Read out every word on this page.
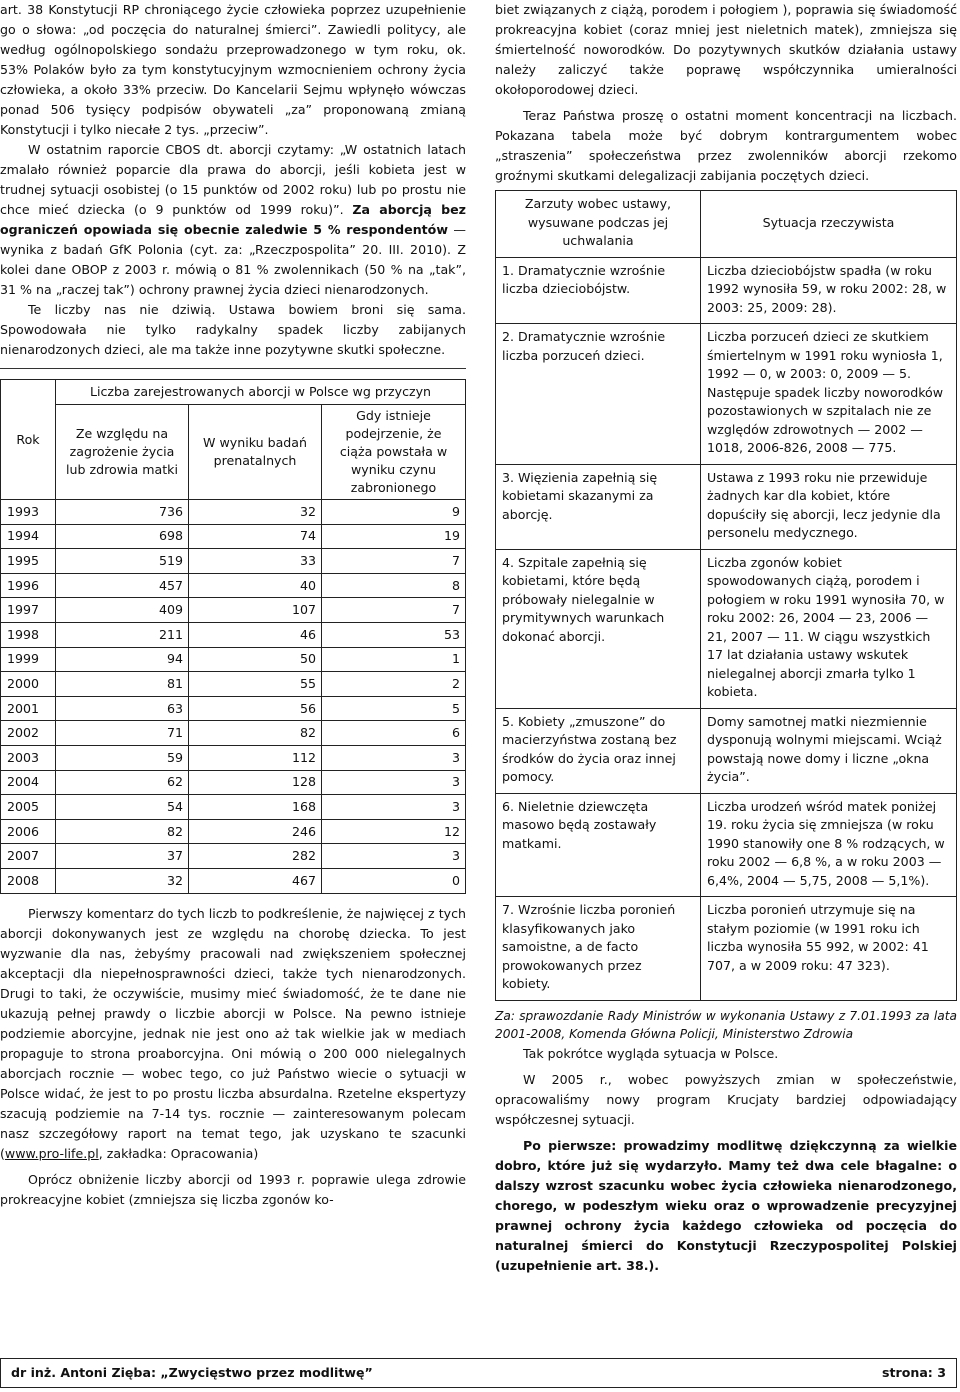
art. 38 Konstytucji RP chroniącego życie człowieka poprzez uzupełnienie go o słowa: „od poczęcia do naturalnej śmierci”. Zawiedli politycy, ale według ogólnopolskiego sondażu przeprowadzonego w tym roku, ok. 53% Polaków było za tym konstytucyjnym wzmocnieniem ochrony życia człowieka, a około 33% przeciw. Do Kancelarii Sejmu wpłynęło wówczas ponad 506 tysięcy podpisów obywateli „za” proponowaną zmianą Konstytucji i tylko niecałe 2 tys. „przeciw”.

W ostatnim raporcie CBOS dt. aborcji czytamy: „W ostatnich latach zmalało również poparcie dla prawa do aborcji, jeśli kobieta jest w trudnej sytuacji osobistej (o 15 punktów od 2002 roku) lub po prostu nie chce mieć dziecka (o 9 punktów od 1999 roku)”. Za aborcją bez ograniczeń opowiada się obecnie zaledwie 5 % respondentów — wynika z badań GfK Polonia (cyt. za: „Rzeczpospolita” 20. III. 2010). Z kolei dane OBOP z 2003 r. mówią o 81 % zwolennikach (50 % na „tak”, 31 % na „raczej tak”) ochrony prawnej życia dzieci nienarodzonych.

Te liczby nas nie dziwią. Ustawa bowiem broni się sama. Spowodowała nie tylko radykalny spadek liczby zabijanych nienarodzonych dzieci, ale ma także inne pozytywne skutki społeczne.

Rok	Liczba zarejestrowanych aborcji w Polsce wg przyczyn		
	Ze względu na zagrożenie życia lub zdrowia matki	W wyniku badań prenatalnych	Gdy istnieje podejrzenie, że ciąża powstała w wyniku czynu zabronionego
1993	736	32	9
1994	698	74	19
1995	519	33	7
1996	457	40	8
1997	409	107	7
1998	211	46	53
1999	94	50	1
2000	81	55	2
2001	63	56	5
2002	71	82	6
2003	59	112	3
2004	62	128	3
2005	54	168	3
2006	82	246	12
2007	37	282	3
2008	32	467	0

Pierwszy komentarz do tych liczb to podkreślenie, że najwięcej z tych aborcji dokonywanych jest ze względu na chorobę dziecka. To jest wyzwanie dla nas, żebyśmy pracowali nad zwiększeniem społecznej akceptacji dla niepełnosprawności dzieci, także tych nienarodzonych. Drugi to taki, że oczywiście, musimy mieć świadomość, że te dane nie ukazują pełnej prawdy o liczbie aborcji w Polsce. Na pewno istnieje podziemie aborcyjne, jednak nie jest ono aż tak wielkie jak w mediach propaguje to strona proaborcyjna. Oni mówią o 200 000 nielegalnych aborcjach rocznie — wobec tego, co już Państwo wiecie o sytuacji w Polsce widać, że jest to po prostu liczba absurdalna. Rzetelne ekspertyzy szacują podziemie na 7-14 tys. rocznie — zainteresowanym polecam nasz szczegółowy raport na temat tego, jak uzyskano te szacunki (www.pro-life.pl, zakładka: Opracowania)

Oprócz obniżenie liczby aborcji od 1993 r. poprawie ulega zdrowie prokreacyjne kobiet (zmniejsza się liczba zgonów ko-

biet związanych z ciążą, porodem i połogiem ), poprawia się świadomość prokreacyjna kobiet (coraz mniej jest nieletnich matek), zmniejsza się śmiertelność noworodków. Do pozytywnych skutków działania ustawy należy zaliczyć także poprawę współczynnika umieralności okołoporodowej dzieci.

Teraz Państwa proszę o ostatni moment koncentracji na liczbach. Pokazana tabela może być dobrym kontrargumentem wobec „straszenia” społeczeństwa przez zwolenników aborcji rzekomo groźnymi skutkami delegalizacji zabijania poczętych dzieci.

Zarzuty wobec ustawy, wysuwane podczas jej uchwalania	Sytuacja rzeczywista
1. Dramatycznie wzrośnie liczba dzieciobójstw.	Liczba dzieciobójstw spadła (w roku 1992 wynosiła 59, w roku 2002: 28, w 2003: 25, 2009: 28).
2. Dramatycznie wzrośnie liczba porzuceń dzieci.	Liczba porzuceń dzieci ze skutkiem śmiertelnym w 1991 roku wyniosła 1, 1992 — 0, w 2003: 0, 2009 — 5. Następuje spadek liczby noworodków pozostawionych w szpitalach nie ze względów zdrowotnych — 2002 — 1018, 2006-826, 2008 — 775.
3. Więzienia zapełnią się kobietami skazanymi za aborcję.	Ustawa z 1993 roku nie przewiduje żadnych kar dla kobiet, które dopuściły się aborcji, lecz jedynie dla personelu medycznego.
4. Szpitale zapełnią się kobietami, które będą próbowały nielegalnie w prymitywnych warunkach dokonać aborcji.	Liczba zgonów kobiet spowodowanych ciążą, porodem i połogiem w roku 1991 wynosiła 70, w roku 2002: 26, 2004 — 23, 2006 — 21, 2007 — 11. W ciągu wszystkich 17 lat działania ustawy wskutek nielegalnej aborcji zmarła tylko 1 kobieta.
5. Kobiety „zmuszone” do macierzyństwa zostaną bez środków do życia oraz innej pomocy.	Domy samotnej matki niezmiennie dysponują wolnymi miejscami. Wciąż powstają nowe domy i liczne „okna życia”.
6. Nieletnie dziewczęta masowo będą zostawały matkami.	Liczba urodzeń wśród matek poniżej 19. roku życia się zmniejsza (w roku 1990 stanowiły one 8 % rodzących, w roku 2002 — 6,8 %, a w roku 2003 — 6,4%, 2004 — 5,75, 2008 — 5,1%).
7. Wzrośnie liczba poronień klasyfikowanych jako samoistne, a de facto prowokowanych przez kobiety.	Liczba poronień utrzymuje się na stałym poziomie (w 1991 roku ich liczba wynosiła 55 992, w 2002: 41 707, a w 2009 roku: 47 323).

Za: sprawozdanie Rady Ministrów w wykonania Ustawy z 7.01.1993 za lata 2001-2008, Komenda Główna Policji, Ministerstwo Zdrowia

Tak pokrótce wygląda sytuacja w Polsce.

W 2005 r., wobec powyższych zmian w społeczeństwie, opracowaliśmy nowy program Krucjaty bardziej odpowiadający współczesnej sytuacji.

Po pierwsze: prowadzimy modlitwę dziękczynną za wielkie dobro, które już się wydarzyło. Mamy też dwa cele błagalne: o dalszy wzrost szacunku wobec życia człowieka nienarodzonego, chorego, w podeszłym wieku oraz o wprowadzenie precyzyjnej prawnej ochrony życia każdego człowieka od poczęcia do naturalnej śmierci do Konstytucji Rzeczypospolitej Polskiej (uzupełnienie art. 38.).

dr inż. Antoni Zięba: „Zwycięstwo przez modlitwę”	strona: 3
